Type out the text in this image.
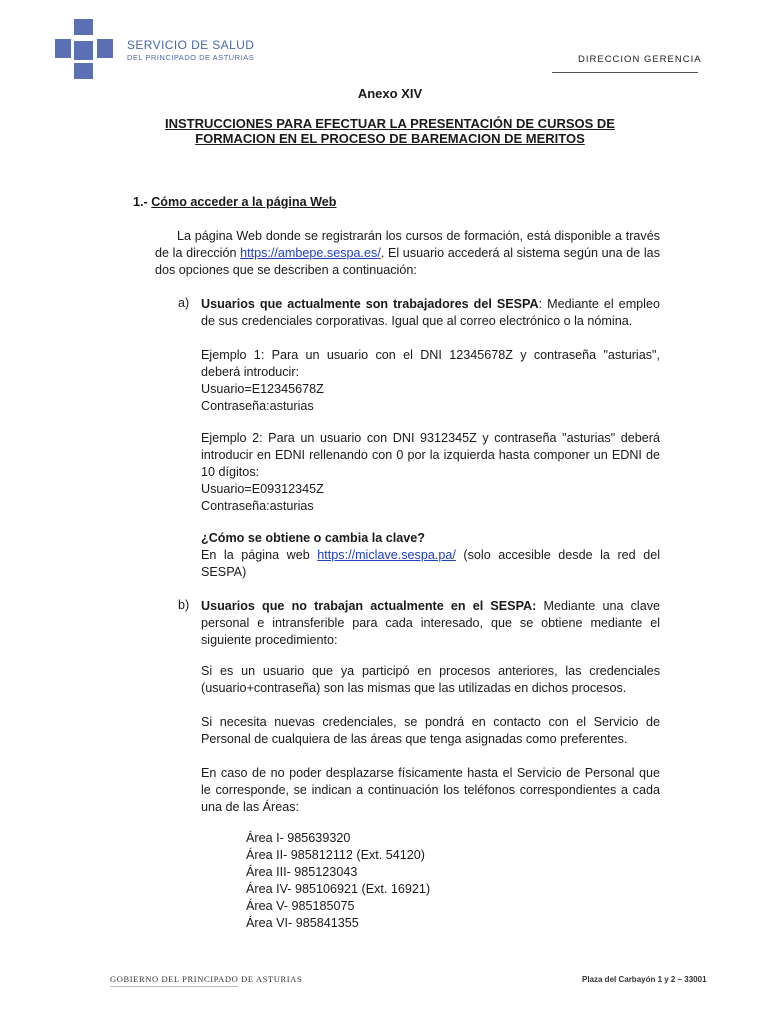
SERVICIO DE SALUD
DEL PRINCIPADO DE ASTURIAS	DIRECCION GERENCIA
Anexo XIV
INSTRUCCIONES PARA EFECTUAR LA PRESENTACIÓN DE CURSOS DE
FORMACION EN EL PROCESO DE BAREMACION DE MERITOS
1.- Cómo acceder a la página Web
La página Web donde se registrarán los cursos de formación, está disponible a través de la dirección https://ambepe.sespa.es/. El usuario accederá al sistema según una de las dos opciones que se describen a continuación:
a) Usuarios que actualmente son trabajadores del SESPA: Mediante el empleo de sus credenciales corporativas. Igual que al correo electrónico o la nómina.
Ejemplo 1: Para un usuario con el DNI 12345678Z y contraseña "asturias", deberá introducir:
Usuario=E12345678Z
Contraseña:asturias
Ejemplo 2: Para un usuario con DNI 9312345Z y contraseña "asturias" deberá introducir en EDNI rellenando con 0 por la izquierda hasta componer un EDNI de 10 dígitos:
Usuario=E09312345Z
Contraseña:asturias
¿Cómo se obtiene o cambia la clave?
En la página web https://miclave.sespa.pa/ (solo accesible desde la red del SESPA)
b) Usuarios que no trabajan actualmente en el SESPA: Mediante una clave personal e intransferible para cada interesado, que se obtiene mediante el siguiente procedimiento:
Si es un usuario que ya participó en procesos anteriores, las credenciales (usuario+contraseña) son las mismas que las utilizadas en dichos procesos.
Si necesita nuevas credenciales, se pondrá en contacto con el Servicio de Personal de cualquiera de las áreas que tenga asignadas como preferentes.
En caso de no poder desplazarse físicamente hasta el Servicio de Personal que le corresponde, se indican a continuación los teléfonos correspondientes a cada una de las Áreas:
Área I- 985639320
Área II- 985812112 (Ext. 54120)
Área III- 985123043
Área IV- 985106921 (Ext. 16921)
Área V- 985185075
Área VI- 985841355
GOBIERNO DEL PRINCIPADO DE ASTURIAS	Plaza del Carbayón 1 y 2 – 33001
